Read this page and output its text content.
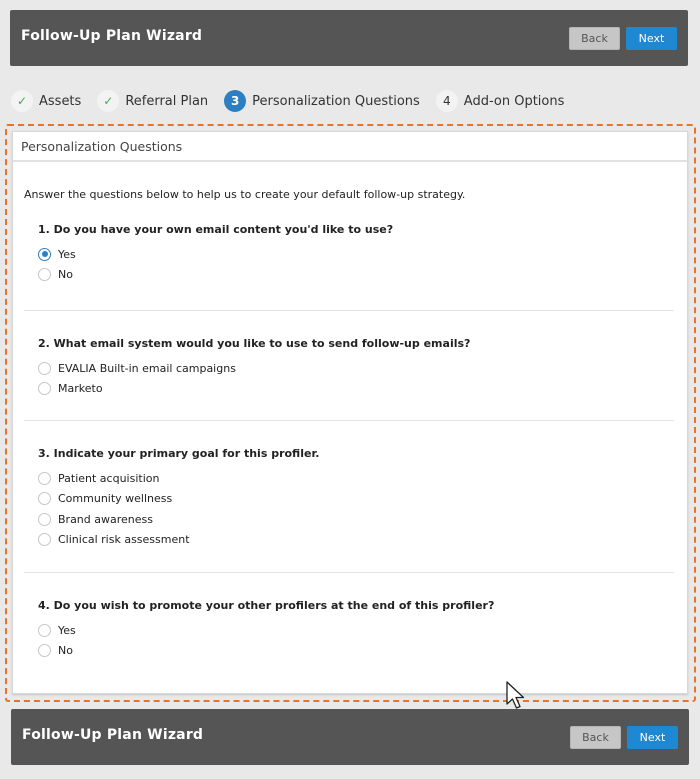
Follow-Up Plan Wizard	Back	Next
✓ Assets	✓ Referral Plan	3 Personalization Questions	4	Add-on Options
Personalization Questions
Answer the questions below to help us to create your default follow-up strategy.
1. Do you have your own email content you'd like to use?
Yes
No
2. What email system would you like to use to send follow-up emails?
EVALIA Built-in email campaigns
Marketo
3. Indicate your primary goal for this profiler.
Patient acquisition
Community wellness
Brand awareness
Clinical risk assessment
4. Do you wish to promote your other profilers at the end of this profiler?
Yes
No
Follow-Up Plan Wizard	Back	Next
